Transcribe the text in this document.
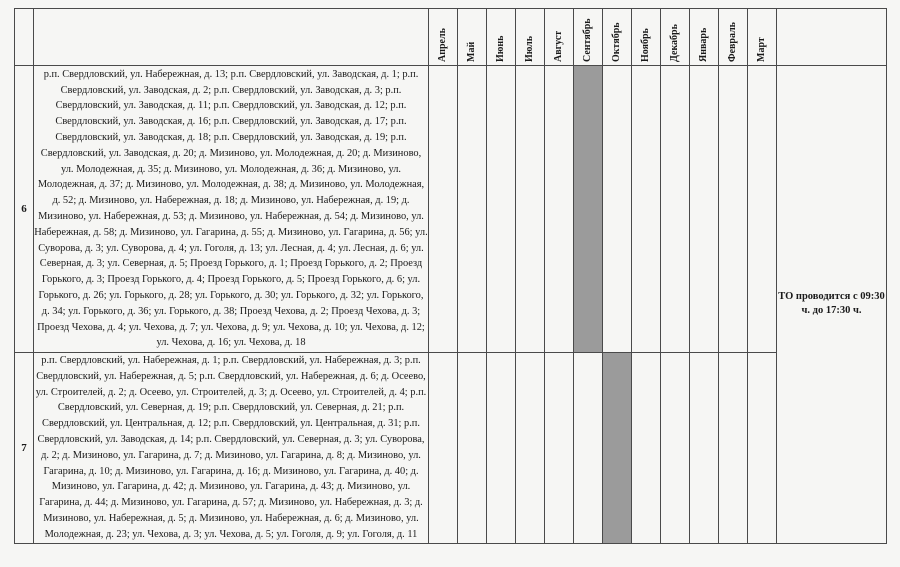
		Апрель	Май	Июнь	Июль	Август	Сентябрь	Октябрь	Ноябрь	Декабрь	Январь	Февраль	Март	

6	р.п. Свердловский, ул. Набережная, д. 13; р.п. Свердловский, ул. Заводская, д. 1; р.п. Свердловский, ул. Заводская, д. 2; р.п. Свердловский, ул. Заводская, д. 3; р.п. Свердловский, ул. Заводская, д. 11; р.п. Свердловский, ул. Заводская, д. 12; р.п. Свердловский, ул. Заводская, д. 16; р.п. Свердловский, ул. Заводская, д. 17; р.п. Свердловский, ул. Заводская, д. 18; р.п. Свердловский, ул. Заводская, д. 19; р.п. Свердловский, ул. Заводская, д. 20; д. Мизиново, ул. Молодежная, д. 20; д. Мизиново, ул. Молодежная, д. 35; д. Мизиново, ул. Молодежная, д. 36; д. Мизиново, ул. Молодежная, д. 37; д. Мизиново, ул. Молодежная, д. 38; д. Мизиново, ул. Молодежная, д. 52; д. Мизиново, ул. Набережная, д. 18; д. Мизиново, ул. Набережная, д. 19; д. Мизиново, ул. Набережная, д. 53; д. Мизиново, ул. Набережная, д. 54; д. Мизиново, ул. Набережная, д. 58; д. Мизиново, ул. Гагарина, д. 55; д. Мизиново, ул. Гагарина, д. 56; ул. Суворова, д. 3; ул. Суворова, д. 4; ул. Гоголя, д. 13; ул. Лесная, д. 4; ул. Лесная, д. 6; ул. Северная, д. 3; ул. Северная, д. 5; Проезд Горького, д. 1; Проезд Горького, д. 2; Проезд Горького, д. 3; Проезд Горького, д. 4; Проезд Горького, д. 5; Проезд Горького, д. 6; ул. Горького, д. 26; ул. Горького, д. 28; ул. Горького, д. 30; ул. Горького, д. 32; ул. Горького, д. 34; ул. Горького, д. 36; ул. Горького, д. 38; Проезд Чехова, д. 2; Проезд Чехова, д. 3; Проезд Чехова, д. 4; ул. Чехова, д. 7; ул. Чехова, д. 9; ул. Чехова, д. 10; ул. Чехова, д. 12; ул. Чехова, д. 16; ул. Чехова, д. 18													ТО проводится с 09:30 ч. до 17:30 ч.
7	р.п. Свердловский, ул. Набережная, д. 1; р.п. Свердловский, ул. Набережная, д. 3; р.п. Свердловский, ул. Набережная, д. 5; р.п. Свердловский, ул. Набережная, д. 6; д. Осеево, ул. Строителей, д. 2; д. Осеево, ул. Строителей, д. 3; д. Осеево, ул. Строителей, д. 4; р.п. Свердловский, ул. Северная, д. 19; р.п. Свердловский, ул. Северная, д. 21; р.п. Свердловский, ул. Центральная, д. 12; р.п. Свердловский, ул. Центральная, д. 31; р.п. Свердловский, ул. Заводская, д. 14; р.п. Свердловский, ул. Северная, д. 3; ул. Суворова, д. 2; д. Мизиново, ул. Гагарина, д. 7; д. Мизиново, ул. Гагарина, д. 8; д. Мизиново, ул. Гагарина, д. 10; д. Мизиново, ул. Гагарина, д. 16; д. Мизиново, ул. Гагарина, д. 40; д. Мизиново, ул. Гагарина, д. 42; д. Мизиново, ул. Гагарина, д. 43; д. Мизиново, ул. Гагарина, д. 44; д. Мизиново, ул. Гагарина, д. 57; д. Мизиново, ул. Набережная, д. 3; д. Мизиново, ул. Набережная, д. 5; д. Мизиново, ул. Набережная, д. 6; д. Мизиново, ул. Молодежная, д. 23; ул. Чехова, д. 3; ул. Чехова, д. 5; ул. Гоголя, д. 9; ул. Гоголя, д. 11													
